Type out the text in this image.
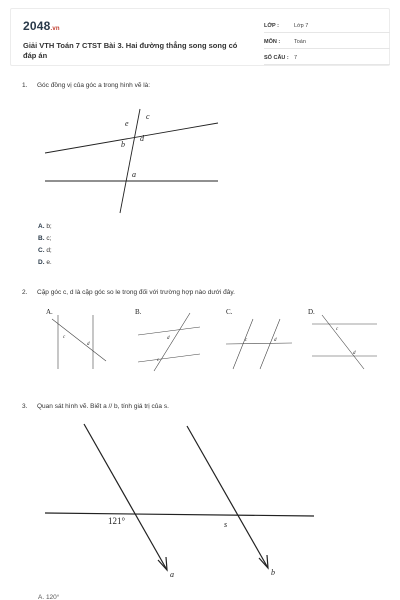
2048.vn
Giải VTH Toán 7 CTST Bài 3. Hai đường thẳng song song có đáp án
LỚP :	Lớp 7
MÔN :	Toán
SỐ CÂU : 7
1. Góc đồng vị của góc a trong hình vẽ là:
c
e
d
b
a
A. b;
B. c;
C. d;
D. e.
2. Cặp góc c, d là cặp góc so le trong đối với trường hợp nào dưới đây.
A.
c
d
B.
d
c
C.
c	d
D.
c
d
3. Quan sát hình vẽ. Biết a // b, tính giá trị của s.
121°	s
a	b
A. 120°
